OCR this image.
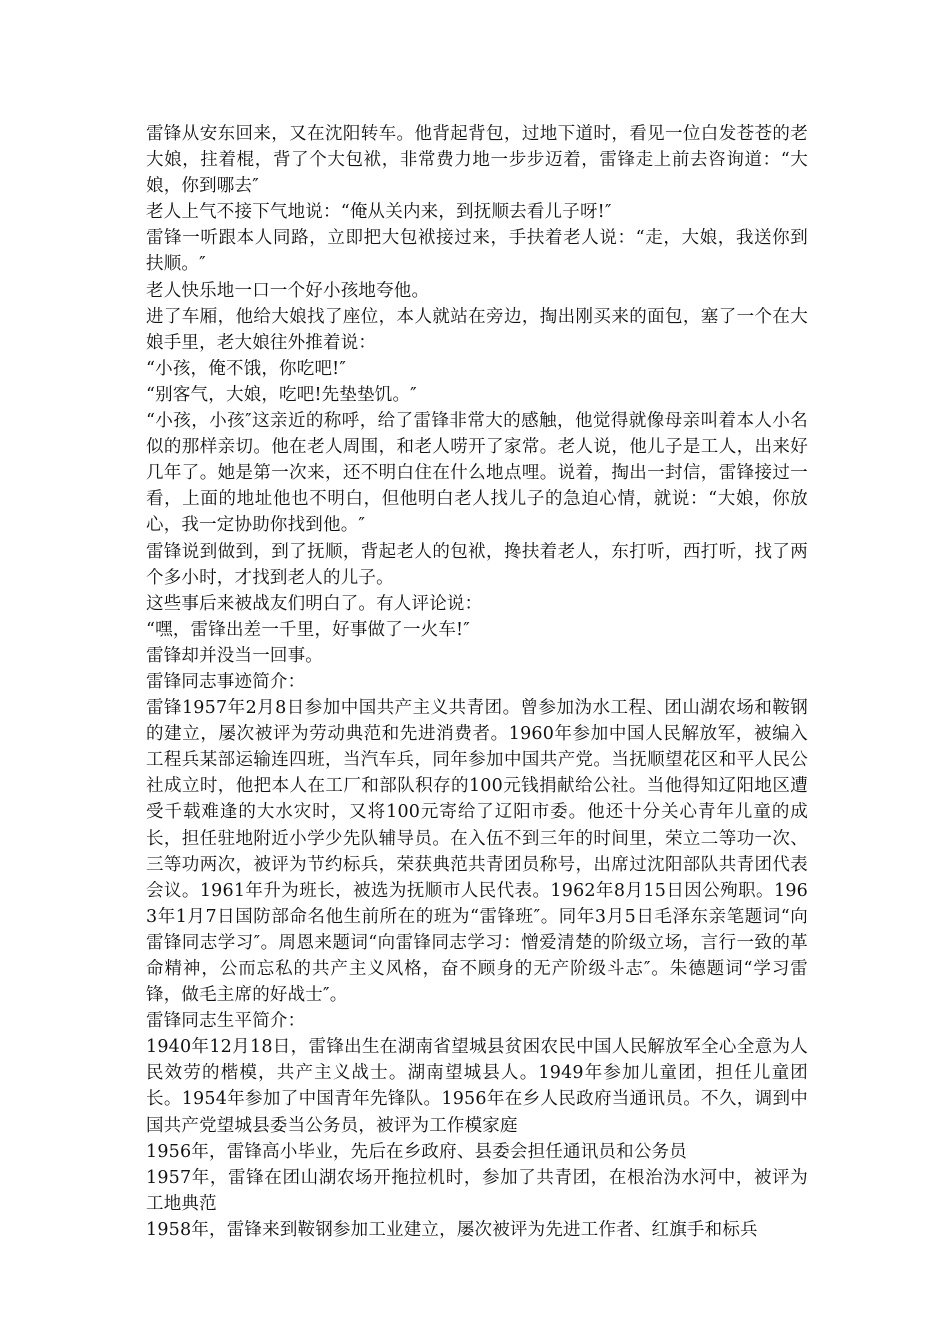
雷锋从安东回来，又在沈阳转车。他背起背包，过地下道时，看见一位白发苍苍的老大娘，拄着棍，背了个大包袱，非常费力地一步步迈着，雷锋走上前去咨询道：“大娘，你到哪去″

老人上气不接下气地说：“俺从关内来，到抚顺去看儿子呀!″

雷锋一听跟本人同路，立即把大包袱接过来，手扶着老人说：“走，大娘，我送你到扶顺。″

老人快乐地一口一个好小孩地夸他。

进了车厢，他给大娘找了座位，本人就站在旁边，掏出刚买来的面包，塞了一个在大娘手里，老大娘往外推着说：

“小孩，俺不饿，你吃吧!″

“别客气，大娘，吃吧!先垫垫饥。″

“小孩，小孩″这亲近的称呼，给了雷锋非常大的感触，他觉得就像母亲叫着本人小名似的那样亲切。他在老人周围，和老人唠开了家常。老人说，他儿子是工人，出来好几年了。她是第一次来，还不明白住在什么地点哩。说着，掏出一封信，雷锋接过一看，上面的地址他也不明白，但他明白老人找儿子的急迫心情，就说：“大娘，你放心，我一定协助你找到他。″

雷锋说到做到，到了抚顺，背起老人的包袱，搀扶着老人，东打听，西打听，找了两个多小时，才找到老人的儿子。

这些事后来被战友们明白了。有人评论说：

“嘿，雷锋出差一千里，好事做了一火车!″

雷锋却并没当一回事。

雷锋同志事迹简介：

雷锋1957年2月8日参加中国共产主义共青团。曾参加沩水工程、团山湖农场和鞍钢的建立，屡次被评为劳动典范和先进消费者。1960年参加中国人民解放军，被编入工程兵某部运输连四班，当汽车兵，同年参加中国共产党。当抚顺望花区和平人民公社成立时，他把本人在工厂和部队积存的100元钱捐献给公社。当他得知辽阳地区遭受千载难逢的大水灾时，又将100元寄给了辽阳市委。他还十分关心青年儿童的成长，担任驻地附近小学少先队辅导员。在入伍不到三年的时间里，荣立二等功一次、三等功两次，被评为节约标兵，荣获典范共青团员称号，出席过沈阳部队共青团代表会议。1961年升为班长，被选为抚顺市人民代表。1962年8月15日因公殉职。1963年1月7日国防部命名他生前所在的班为“雷锋班″。同年3月5日毛泽东亲笔题词“向雷锋同志学习″。周恩来题词“向雷锋同志学习：憎爱清楚的阶级立场，言行一致的革命精神，公而忘私的共产主义风格，奋不顾身的无产阶级斗志″。朱德题词“学习雷锋，做毛主席的好战士″。

雷锋同志生平简介：

1940年12月18日，雷锋出生在湖南省望城县贫困农民中国人民解放军全心全意为人民效劳的楷模，共产主义战士。湖南望城县人。1949年参加儿童团，担任儿童团长。1954年参加了中国青年先锋队。1956年在乡人民政府当通讯员。不久，调到中国共产党望城县委当公务员，被评为工作模家庭

1956年，雷锋高小毕业，先后在乡政府、县委会担任通讯员和公务员

1957年，雷锋在团山湖农场开拖拉机时，参加了共青团，在根治沩水河中，被评为工地典范

1958年，雷锋来到鞍钢参加工业建立，屡次被评为先进工作者、红旗手和标兵
